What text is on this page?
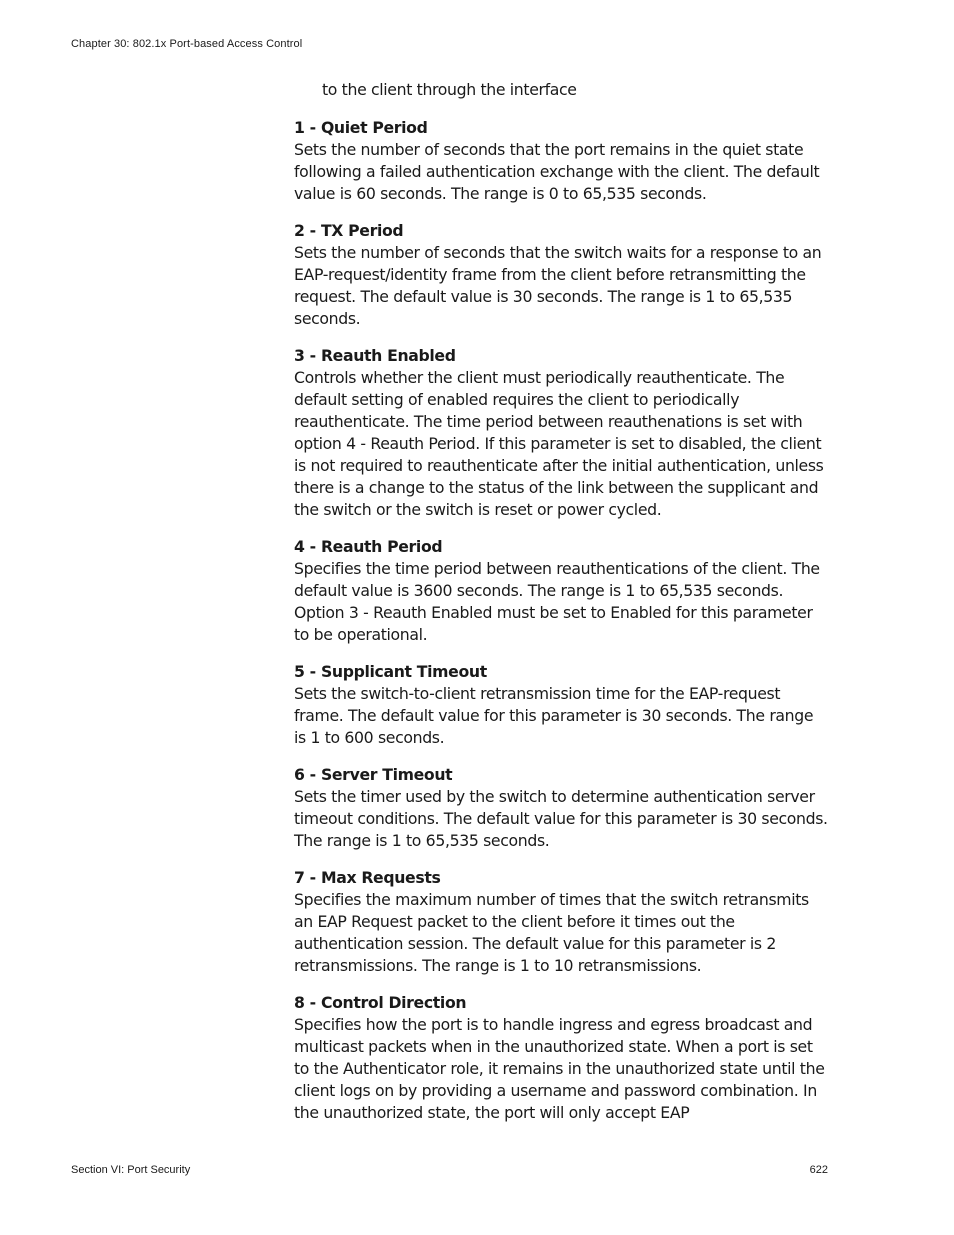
Chapter 30: 802.1x Port-based Access Control

to the client through the interface

1 - Quiet Period

Sets the number of seconds that the port remains in the quiet state following a failed authentication exchange with the client. The default value is 60 seconds. The range is 0 to 65,535 seconds.

2 - TX Period

Sets the number of seconds that the switch waits for a response to an EAP-request/identity frame from the client before retransmitting the request. The default value is 30 seconds. The range is 1 to 65,535 seconds.

3 - Reauth Enabled

Controls whether the client must periodically reauthenticate. The default setting of enabled requires the client to periodically reauthenticate. The time period between reauthenations is set with option 4 - Reauth Period. If this parameter is set to disabled, the client is not required to reauthenticate after the initial authentication, unless there is a change to the status of the link between the supplicant and the switch or the switch is reset or power cycled.

4 - Reauth Period

Specifies the time period between reauthentications of the client. The default value is 3600 seconds. The range is 1 to 65,535 seconds. Option 3 - Reauth Enabled must be set to Enabled for this parameter to be operational.

5 - Supplicant Timeout

Sets the switch-to-client retransmission time for the EAP-request frame. The default value for this parameter is 30 seconds. The range is 1 to 600 seconds.

6 - Server Timeout

Sets the timer used by the switch to determine authentication server timeout conditions. The default value for this parameter is 30 seconds. The range is 1 to 65,535 seconds.

7 - Max Requests

Specifies the maximum number of times that the switch retransmits an EAP Request packet to the client before it times out the authentication session. The default value for this parameter is 2 retransmissions. The range is 1 to 10 retransmissions.

8 - Control Direction

Specifies how the port is to handle ingress and egress broadcast and multicast packets when in the unauthorized state. When a port is set to the Authenticator role, it remains in the unauthorized state until the client logs on by providing a username and password combination. In the unauthorized state, the port will only accept EAP

Section VI: Port Security	622
